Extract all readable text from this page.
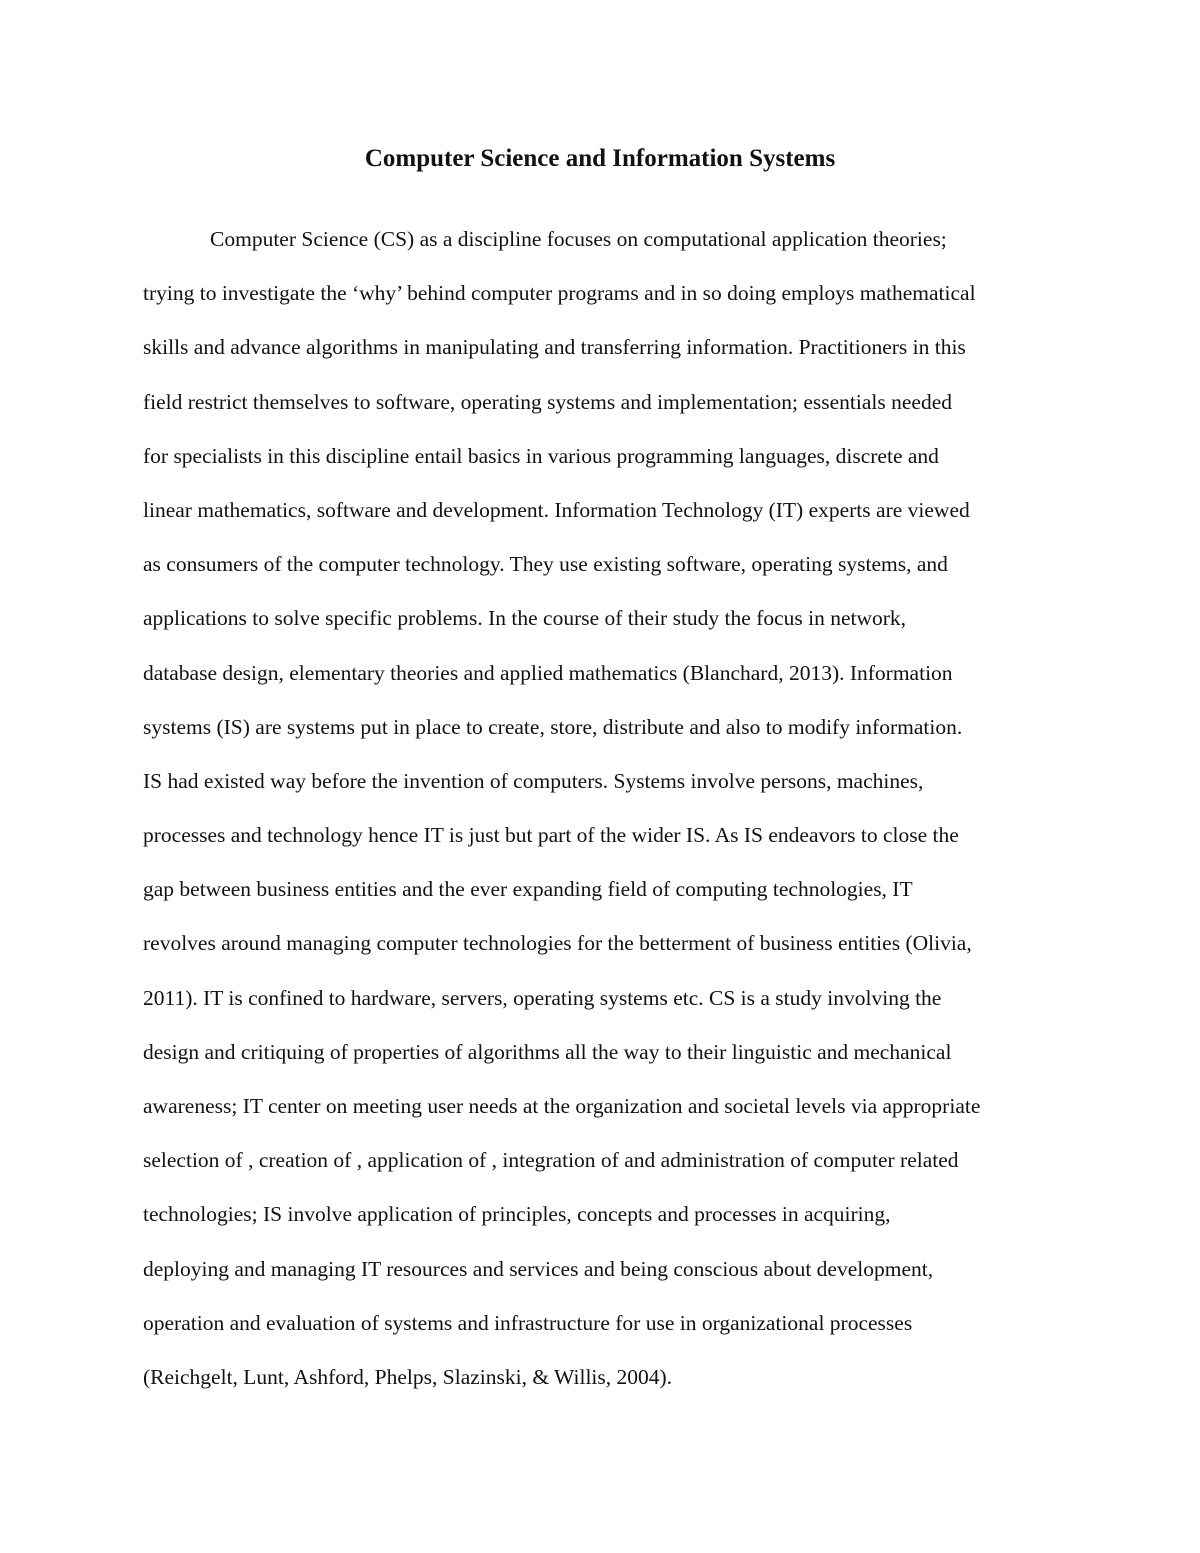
Computer Science and Information Systems
Computer Science (CS) as a discipline focuses on computational application theories;
trying to investigate the ‘why’ behind computer programs and in so doing employs mathematical
skills and advance algorithms in manipulating and transferring information. Practitioners in this
field restrict themselves to software, operating systems and implementation; essentials needed
for specialists in this discipline entail basics in various programming languages, discrete and
linear mathematics, software and development. Information Technology (IT) experts are viewed
as consumers of the computer technology. They use existing software, operating systems, and
applications to solve specific problems. In the course of their study the focus in network,
database design, elementary theories and applied mathematics (Blanchard, 2013). Information
systems (IS) are systems put in place to create, store, distribute and also to modify information.
IS had existed way before the invention of computers. Systems involve persons, machines,
processes and technology hence IT is just but part of the wider IS. As IS endeavors to close the
gap between business entities and the ever expanding field of computing technologies, IT
revolves around managing computer technologies for the betterment of business entities (Olivia,
2011). IT is confined to hardware, servers, operating systems etc. CS is a study involving the
design and critiquing of properties of algorithms all the way to their linguistic and mechanical
awareness; IT center on meeting user needs at the organization and societal levels via appropriate
selection of , creation of , application of , integration of and administration of computer related
technologies; IS involve application of principles, concepts and processes in acquiring,
deploying and managing IT resources and services and being conscious about development,
operation and evaluation of systems and infrastructure for use in organizational processes
(Reichgelt, Lunt, Ashford, Phelps, Slazinski, & Willis, 2004).
